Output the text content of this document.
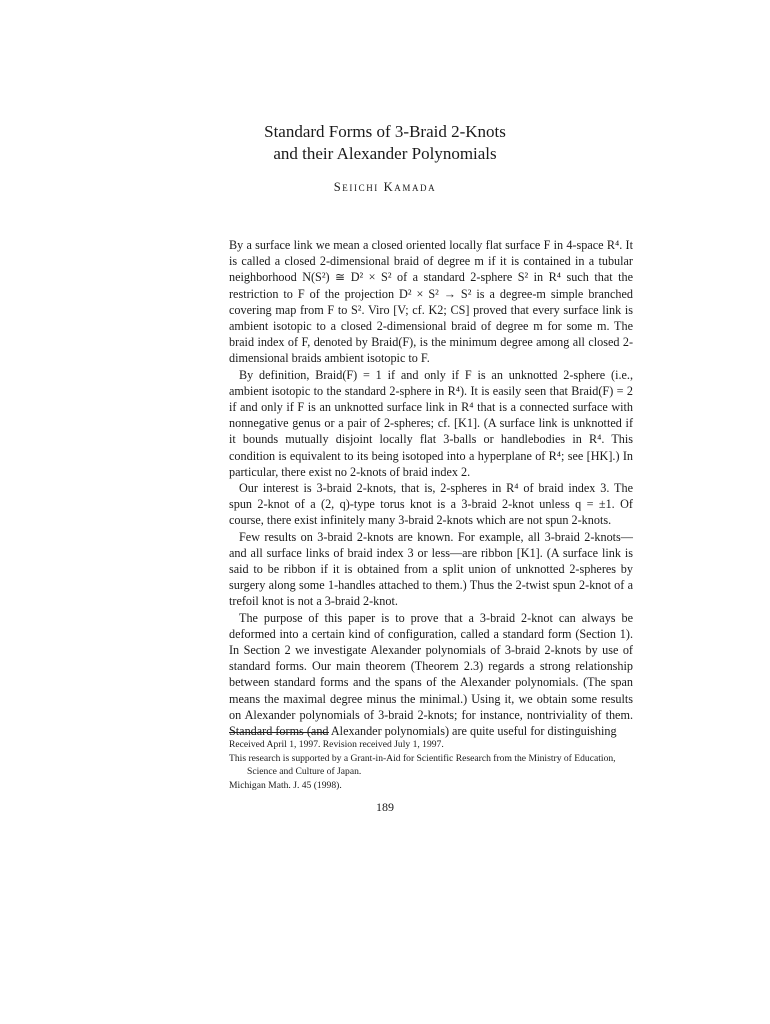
Standard Forms of 3-Braid 2-Knots
and their Alexander Polynomials
Seiichi Kamada

By a surface link we mean a closed oriented locally flat surface F in 4-space R⁴. It is called a closed 2-dimensional braid of degree m if it is contained in a tubular neighborhood N(S²) ≅ D² × S² of a standard 2-sphere S² in R⁴ such that the restriction to F of the projection D² × S² → S² is a degree-m simple branched covering map from F to S². Viro [V; cf. K2; CS] proved that every surface link is ambient isotopic to a closed 2-dimensional braid of degree m for some m. The braid index of F, denoted by Braid(F), is the minimum degree among all closed 2-dimensional braids ambient isotopic to F.

By definition, Braid(F) = 1 if and only if F is an unknotted 2-sphere (i.e., ambient isotopic to the standard 2-sphere in R⁴). It is easily seen that Braid(F) = 2 if and only if F is an unknotted surface link in R⁴ that is a connected surface with nonnegative genus or a pair of 2-spheres; cf. [K1]. (A surface link is unknotted if it bounds mutually disjoint locally flat 3-balls or handlebodies in R⁴. This condition is equivalent to its being isotoped into a hyperplane of R⁴; see [HK].) In particular, there exist no 2-knots of braid index 2.

Our interest is 3-braid 2-knots, that is, 2-spheres in R⁴ of braid index 3. The spun 2-knot of a (2, q)-type torus knot is a 3-braid 2-knot unless q = ±1. Of course, there exist infinitely many 3-braid 2-knots which are not spun 2-knots.

Few results on 3-braid 2-knots are known. For example, all 3-braid 2-knots—and all surface links of braid index 3 or less—are ribbon [K1]. (A surface link is said to be ribbon if it is obtained from a split union of unknotted 2-spheres by surgery along some 1-handles attached to them.) Thus the 2-twist spun 2-knot of a trefoil knot is not a 3-braid 2-knot.

The purpose of this paper is to prove that a 3-braid 2-knot can always be deformed into a certain kind of configuration, called a standard form (Section 1). In Section 2 we investigate Alexander polynomials of 3-braid 2-knots by use of standard forms. Our main theorem (Theorem 2.3) regards a strong relationship between standard forms and the spans of the Alexander polynomials. (The span means the maximal degree minus the minimal.) Using it, we obtain some results on Alexander polynomials of 3-braid 2-knots; for instance, nontriviality of them. Standard forms (and Alexander polynomials) are quite useful for distinguishing

Received April 1, 1997. Revision received July 1, 1997.
This research is supported by a Grant-in-Aid for Scientific Research from the Ministry of Education,
Science and Culture of Japan.
Michigan Math. J. 45 (1998).
189
